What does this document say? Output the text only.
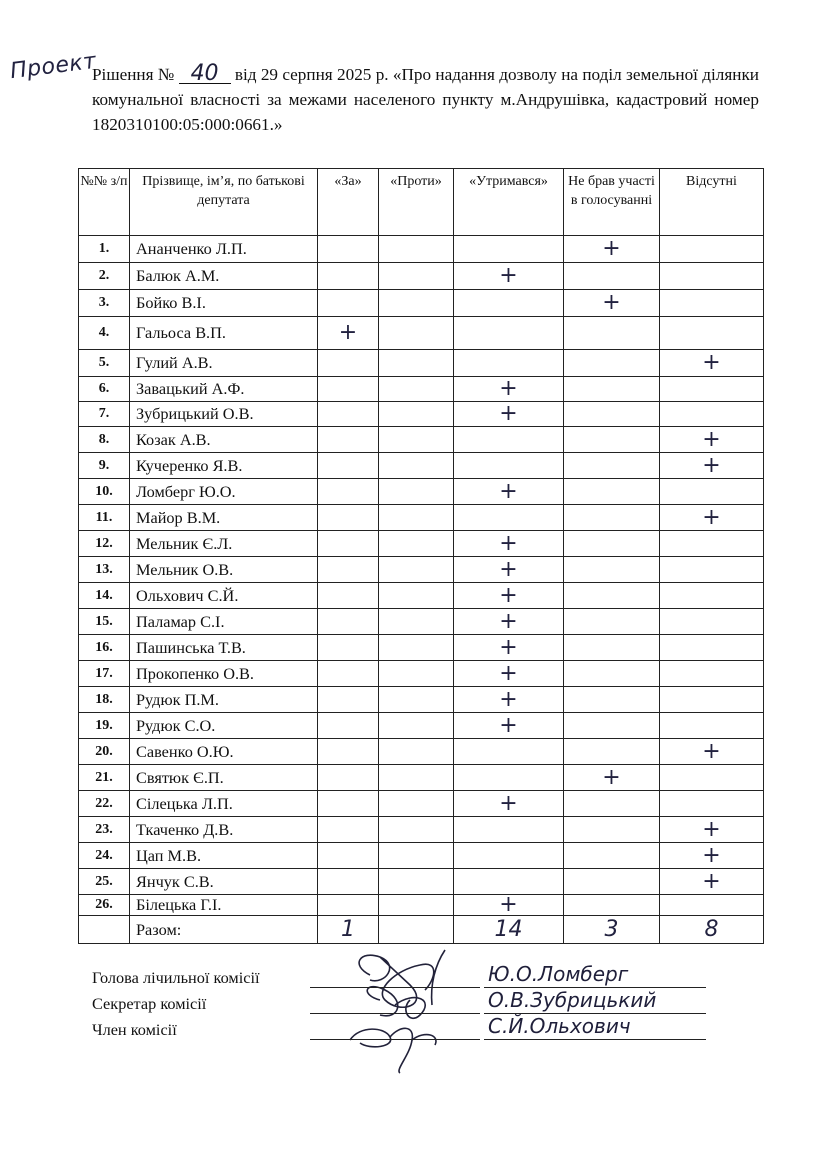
Проект
Рішення № 40 від 29 серпня 2025 р. «Про надання дозволу на поділ земельної ділянки комунальної власності за межами населеного пункту м.Андрушівка, кадастровий номер 1820310100:05:000:0661.»
№№ з/п	Прізвище, ім’я, по батькові депутата	«За»	«Проти»	«Утримався»	Не брав участі в голосуванні	Відсутні
1.	Ананченко Л.П.				+	
2.	Балюк А.М.			+		
3.	Бойко В.І.				+	
4.	Гальоса В.П.	+				
5.	Гулий А.В.					+
6.	Завацький А.Ф.			+		
7.	Зубрицький О.В.			+		
8.	Козак А.В.					+
9.	Кучеренко Я.В.					+
10.	Ломберг Ю.О.			+		
11.	Майор В.М.					+
12.	Мельник Є.Л.			+		
13.	Мельник О.В.			+		
14.	Ольхович С.Й.			+		
15.	Паламар С.І.			+		
16.	Пашинська Т.В.			+		
17.	Прокопенко О.В.			+		
18.	Рудюк П.М.			+		
19.	Рудюк С.О.			+		
20.	Савенко О.Ю.					+
21.	Святюк Є.П.				+	
22.	Сілецька Л.П.			+		
23.	Ткаченко Д.В.					+
24.	Цап М.В.					+
25.	Янчук С.В.					+
26.	Білецька Г.І.			+		
	Разом:	1		14	3	8
Голова лічильної комісії	Ю.О.Ломберг
Секретар комісії	О.В.Зубрицький
Член комісії	С.Й.Ольхович
